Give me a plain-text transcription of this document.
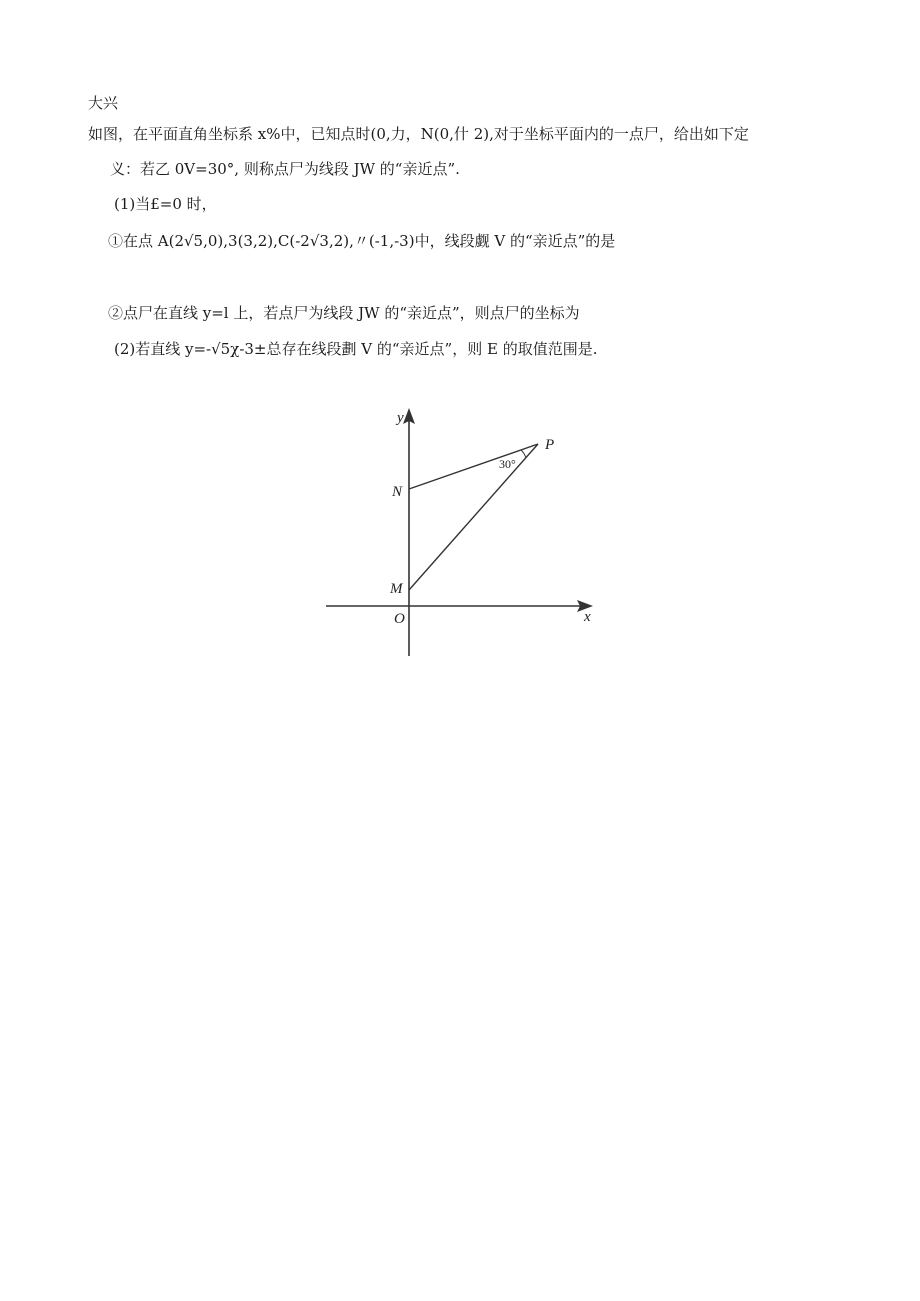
大兴
如图，在平面直角坐标系 x%中，已知点时(0,力，N(0,什 2),对于坐标平面内的一点尸，给出如下定
义：若乙 0V=30°, 则称点尸为线段 JW 的“亲近点”.
(1)当£=0 时，
①在点 A(2√5,0),3(3,2),C(-2√3,2),〃(-1,-3)中，线段觑 V 的“亲近点”的是
②点尸在直线 y=l 上，若点尸为线段 JW 的“亲近点”，则点尸的坐标为
(2)若直线 y=-√5χ-3±总存在线段劃 V 的“亲近点”，则 E 的取值范围是.
y
x
O
M
N
P
30°
